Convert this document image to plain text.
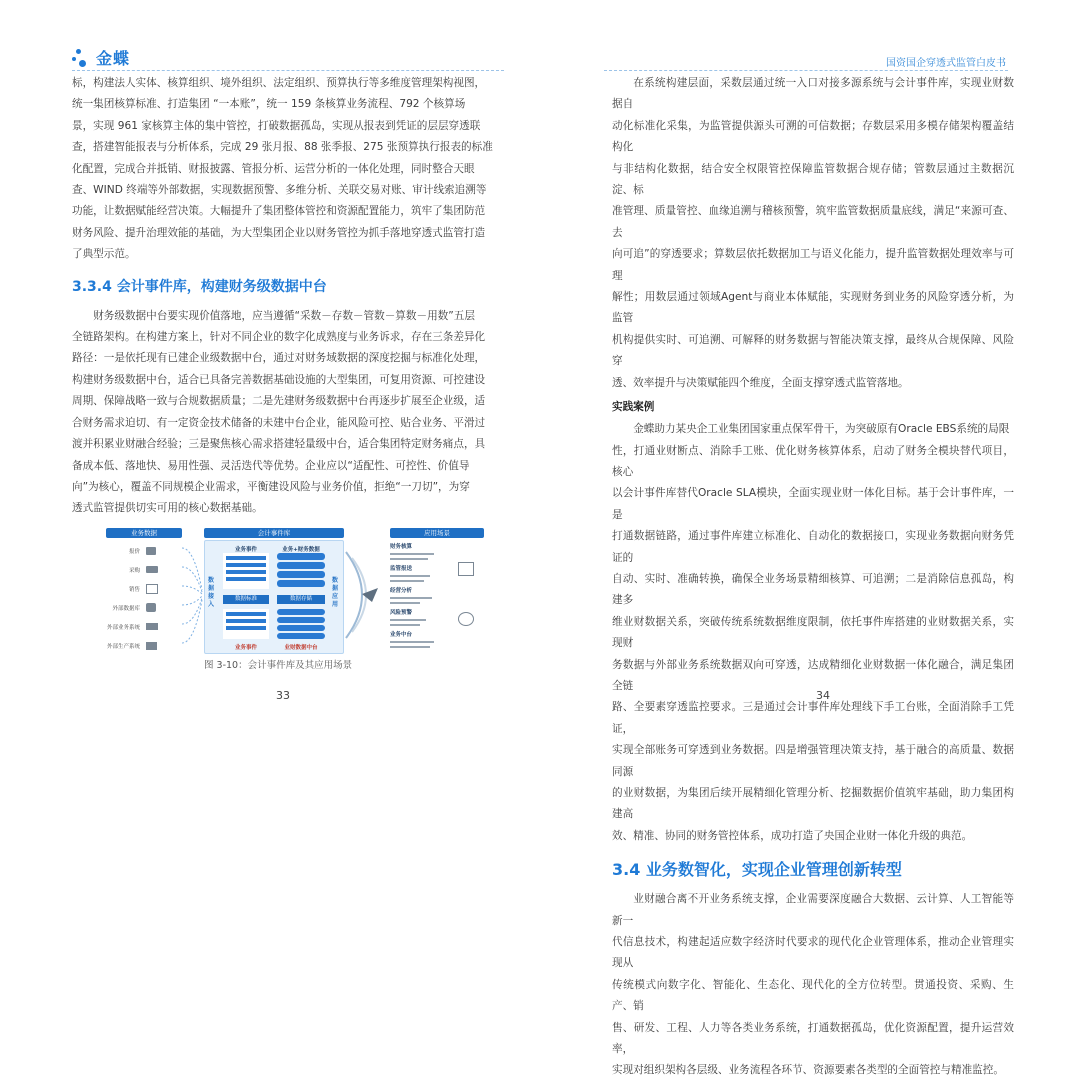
金蝶	国资国企穿透式监管白皮书

标，构建法人实体、核算组织、境外组织、法定组织、预算执行等多维度管理架构视图，

统一集团核算标准、打造集团 “一本账”，统一 159 条核算业务流程、792 个核算场

景，实现 961 家核算主体的集中管控，打破数据孤岛，实现从报表到凭证的层层穿透联

查，搭建智能报表与分析体系，完成 29 张月报、88 张季报、275 张预算执行报表的标准

化配置，完成合并抵销、财报披露、管报分析、运营分析的一体化处理，同时整合天眼

查、WIND 终端等外部数据，实现数据预警、多维分析、关联交易对账、审计线索追溯等

功能，让数据赋能经营决策。大幅提升了集团整体管控和资源配置能力，筑牢了集团防范

财务风险、提升治理效能的基础，为大型集团企业以财务管控为抓手落地穿透式监管打造

了典型示范。

3.3.4 会计事件库，构建财务级数据中台

财务级数据中台要实现价值落地，应当遵循“采数－存数－管数－算数－用数”五层

全链路架构。在构建方案上，针对不同企业的数字化成熟度与业务诉求，存在三条差异化

路径：一是依托现有已建企业级数据中台，通过对财务域数据的深度挖掘与标准化处理，

构建财务级数据中台，适合已具备完善数据基础设施的大型集团，可复用资源、可控建设

周期、保障战略一致与合规数据质量；二是先建财务级数据中台再逐步扩展至企业级，适

合财务需求迫切、有一定资金技术储备的未建中台企业，能风险可控、贴合业务、平滑过

渡并积累业财融合经验；三是聚焦核心需求搭建轻量级中台，适合集团特定财务痛点，具

备成本低、落地快、易用性强、灵活迭代等优势。企业应以“适配性、可控性、价值导

向”为核心，覆盖不同规模企业需求，平衡建设风险与业务价值，拒绝“一刀切”，为穿

透式监管提供切实可用的核心数据基础。

业务数据
报价
采购
销售
外部数据库
外部业务系统
外部生产系统
会计事件库
数据接入
业务事件	业务+财务数据
数据标准	数据存储
业务事件	业财数据中台
数据应用
应用场景
财务核算
监管报送
经营分析
风险预警
业务中台
图 3-10：会计事件库及其应用场景
33

在系统构建层面，采数层通过统一入口对接多源系统与会计事件库，实现业财数据自

动化标准化采集，为监管提供源头可溯的可信数据；存数层采用多模存储架构覆盖结构化

与非结构化数据，结合安全权限管控保障监管数据合规存储；管数层通过主数据沉淀、标

准管理、质量管控、血缘追溯与稽核预警，筑牢监管数据质量底线，满足“来源可查、去

向可追”的穿透要求；算数层依托数据加工与语义化能力，提升监管数据处理效率与可理

解性；用数层通过领域Agent与商业本体赋能，实现财务到业务的风险穿透分析，为监管

机构提供实时、可追溯、可解释的财务数据与智能决策支撑，最终从合规保障、风险穿

透、效率提升与决策赋能四个维度，全面支撑穿透式监管落地。

实践案例

金蝶助力某央企工业集团国家重点保军骨干，为突破原有Oracle EBS系统的局限

性，打通业财断点、消除手工账、优化财务核算体系，启动了财务全模块替代项目，核心

以会计事件库替代Oracle SLA模块，全面实现业财一体化目标。基于会计事件库，一是

打通数据链路，通过事件库建立标准化、自动化的数据接口，实现业务数据向财务凭证的

自动、实时、准确转换，确保全业务场景精细核算、可追溯；二是消除信息孤岛，构建多

维业财数据关系，突破传统系统数据维度限制，依托事件库搭建的业财数据关系，实现财

务数据与外部业务系统数据双向可穿透，达成精细化业财数据一体化融合，满足集团全链

路、全要素穿透监控要求。三是通过会计事件库处理线下手工台账，全面消除手工凭证，

实现全部账务可穿透到业务数据。四是增强管理决策支持，基于融合的高质量、数据同源

的业财数据，为集团后续开展精细化管理分析、挖掘数据价值筑牢基础，助力集团构建高

效、精准、协同的财务管控体系，成功打造了央国企业财一体化升级的典范。

3.4 业务数智化，实现企业管理创新转型

业财融合离不开业务系统支撑，企业需要深度融合大数据、云计算、人工智能等新一

代信息技术，构建起适应数字经济时代要求的现代化企业管理体系，推动企业管理实现从

传统模式向数字化、智能化、生态化、现代化的全方位转型。贯通投资、采购、生产、销

售、研发、工程、人力等各类业务系统，打通数据孤岛，优化资源配置，提升运营效率，

实现对组织架构各层级、业务流程各环节、资源要素各类型的全面管控与精准监控。

34
